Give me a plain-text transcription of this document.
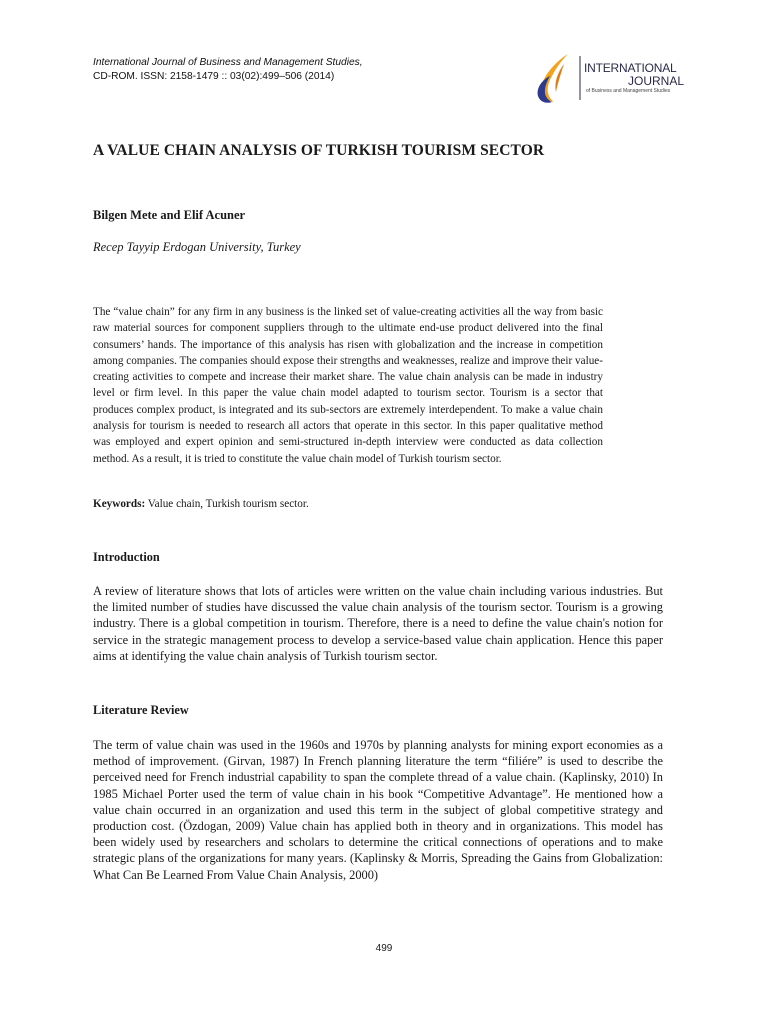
International Journal of Business and Management Studies,
CD-ROM. ISSN: 2158-1479 :: 03(02):499–506 (2014)
INTERNATIONAL
JOURNAL
of Business and Management Studies
A VALUE CHAIN ANALYSIS OF TURKISH TOURISM SECTOR
Bilgen Mete and Elif Acuner
Recep Tayyip Erdogan University, Turkey

The “value chain” for any firm in any business is the linked set of value-creating activities all the way from basic raw material sources for component suppliers through to the ultimate end-use product delivered into the final consumers’ hands. The importance of this analysis has risen with globalization and the increase in competition among companies. The companies should expose their strengths and weaknesses, realize and improve their value-creating activities to compete and increase their market share. The value chain analysis can be made in industry level or firm level. In this paper the value chain model adapted to tourism sector. Tourism is a sector that produces complex product, is integrated and its sub-sectors are extremely interdependent. To make a value chain analysis for tourism is needed to research all actors that operate in this sector. In this paper qualitative method was employed and expert opinion and semi-structured in-depth interview were conducted as data collection method. As a result, it is tried to constitute the value chain model of Turkish tourism sector.

Keywords: Value chain, Turkish tourism sector.
Introduction

A review of literature shows that lots of articles were written on the value chain including various industries. But the limited number of studies have discussed the value chain analysis of the tourism sector. Tourism is a growing industry. There is a global competition in tourism. Therefore, there is a need to define the value chain's notion for service in the strategic management process to develop a service-based value chain application. Hence this paper aims at identifying the value chain analysis of Turkish tourism sector.

Literature Review

The term of value chain was used in the 1960s and 1970s by planning analysts for mining export economies as a method of improvement. (Girvan, 1987) In French planning literature the term “filiére” is used to describe the perceived need for French industrial capability to span the complete thread of a value chain. (Kaplinsky, 2010) In 1985 Michael Porter used the term of value chain in his book “Competitive Advantage”. He mentioned how a value chain occurred in an organization and used this term in the subject of global competitive strategy and production cost. (Özdogan, 2009) Value chain has applied both in theory and in organizations. This model has been widely used by researchers and scholars to determine the critical connections of operations and to make strategic plans of the organizations for many years. (Kaplinsky & Morris, Spreading the Gains from Globalization: What Can Be Learned From Value Chain Analysis, 2000)

499
